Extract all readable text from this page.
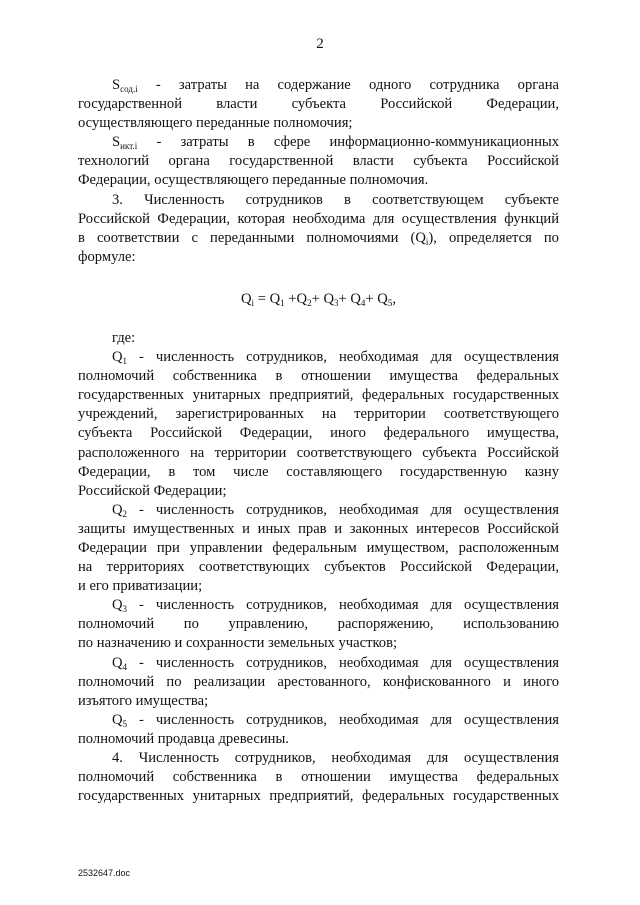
2
$S_{сод.i}$ - затраты на содержание одного сотрудника органа
государственной власти субъекта Российской Федерации,
осуществляющего переданные полномочия;
$S_{икт.i}$ - затраты в сфере информационно-коммуникационных
технологий органа государственной власти субъекта Российской
Федерации, осуществляющего переданные полномочия.
3. Численность сотрудников в соответствующем субъекте
Российской Федерации, которая необходима для осуществления функций
в соответствии с переданными полномочиями $(Q_i)$, определяется по
формуле:
$Q_i = Q_1 +Q_2+ Q_3+ Q_4+ Q_5$,
где:
$Q_1$ - численность сотрудников, необходимая для осуществления
полномочий собственника в отношении имущества федеральных
государственных унитарных предприятий, федеральных государственных
учреждений, зарегистрированных на территории соответствующего
субъекта Российской Федерации, иного федерального имущества,
расположенного на территории соответствующего субъекта Российской
Федерации, в том числе составляющего государственную казну
Российской Федерации;
$Q_2$ - численность сотрудников, необходимая для осуществления
защиты имущественных и иных прав и законных интересов Российской
Федерации при управлении федеральным имуществом, расположенным
на территориях соответствующих субъектов Российской Федерации,
и его приватизации;
$Q_3$ - численность сотрудников, необходимая для осуществления
полномочий по управлению, распоряжению, использованию
по назначению и сохранности земельных участков;
$Q_4$ - численность сотрудников, необходимая для осуществления
полномочий по реализации арестованного, конфискованного и иного
изъятого имущества;
$Q_5$ - численность сотрудников, необходимая для осуществления
полномочий продавца древесины.
4. Численность сотрудников, необходимая для осуществления
полномочий собственника в отношении имущества федеральных
государственных унитарных предприятий, федеральных государственных
2532647.doc
